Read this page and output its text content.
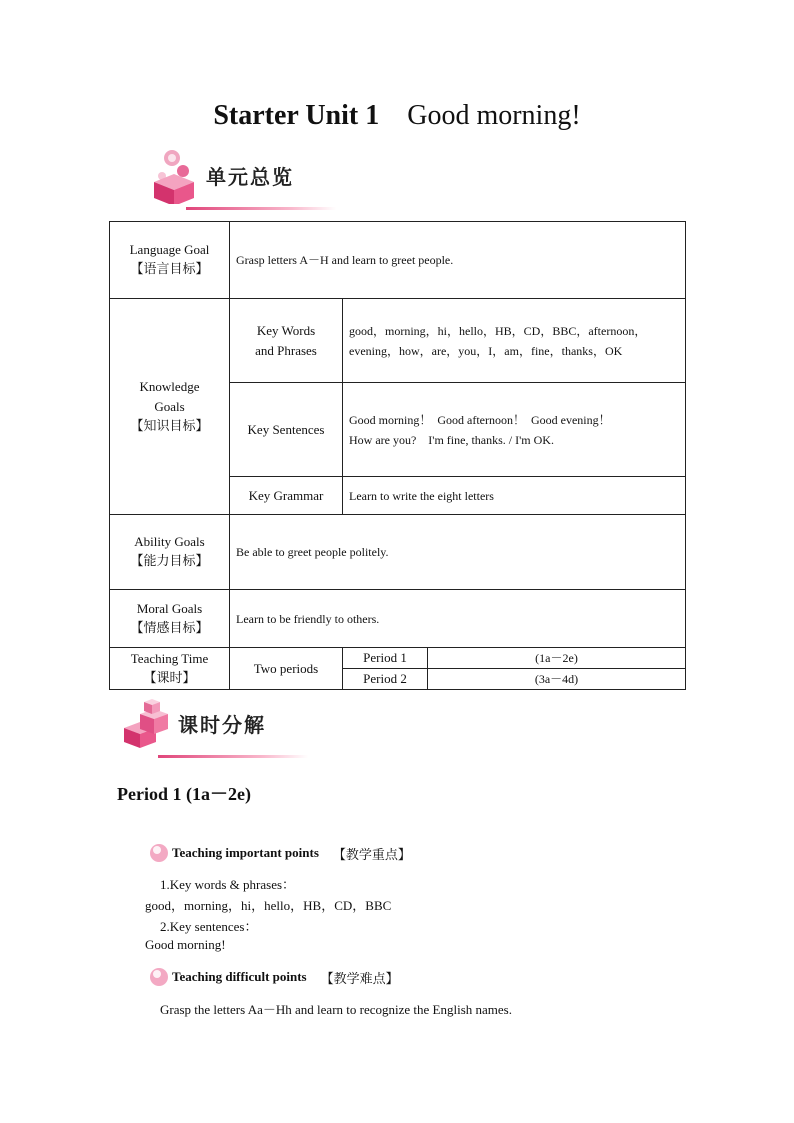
Starter Unit 1 Good morning!
单元总览
Language Goal
【语言目标】	Grasp letters A－H and learn to greet people.		

Knowledge Goals
【知识目标】	Key Words and Phrases	good，morning，hi，hello，HB，CD，BBC，afternoon，evening，how，are，you，I，am，fine，thanks，OK	
	Key Sentences	Good morning！  Good afternoon！  Good evening！
How are you?    I'm fine, thanks. / I'm OK.	

	Key Grammar	Learn to write the eight letters	

Ability Goals
【能力目标】	Be able to greet people politely.		

Moral Goals
【情感目标】	Learn to be friendly to others.		

Teaching Time
【课时】	Two periods	Period 1	(1a－2e)
		Period 2	(3a－4d)
课时分解
Period 1 (1a－2e)
Teaching important points 【教学重点】
1.Key words & phrases：
good，morning，hi，hello，HB，CD，BBC
2.Key sentences：
Good morning!
Teaching difficult points 【教学难点】
Grasp the letters Aa－Hh and learn to recognize the English names.
